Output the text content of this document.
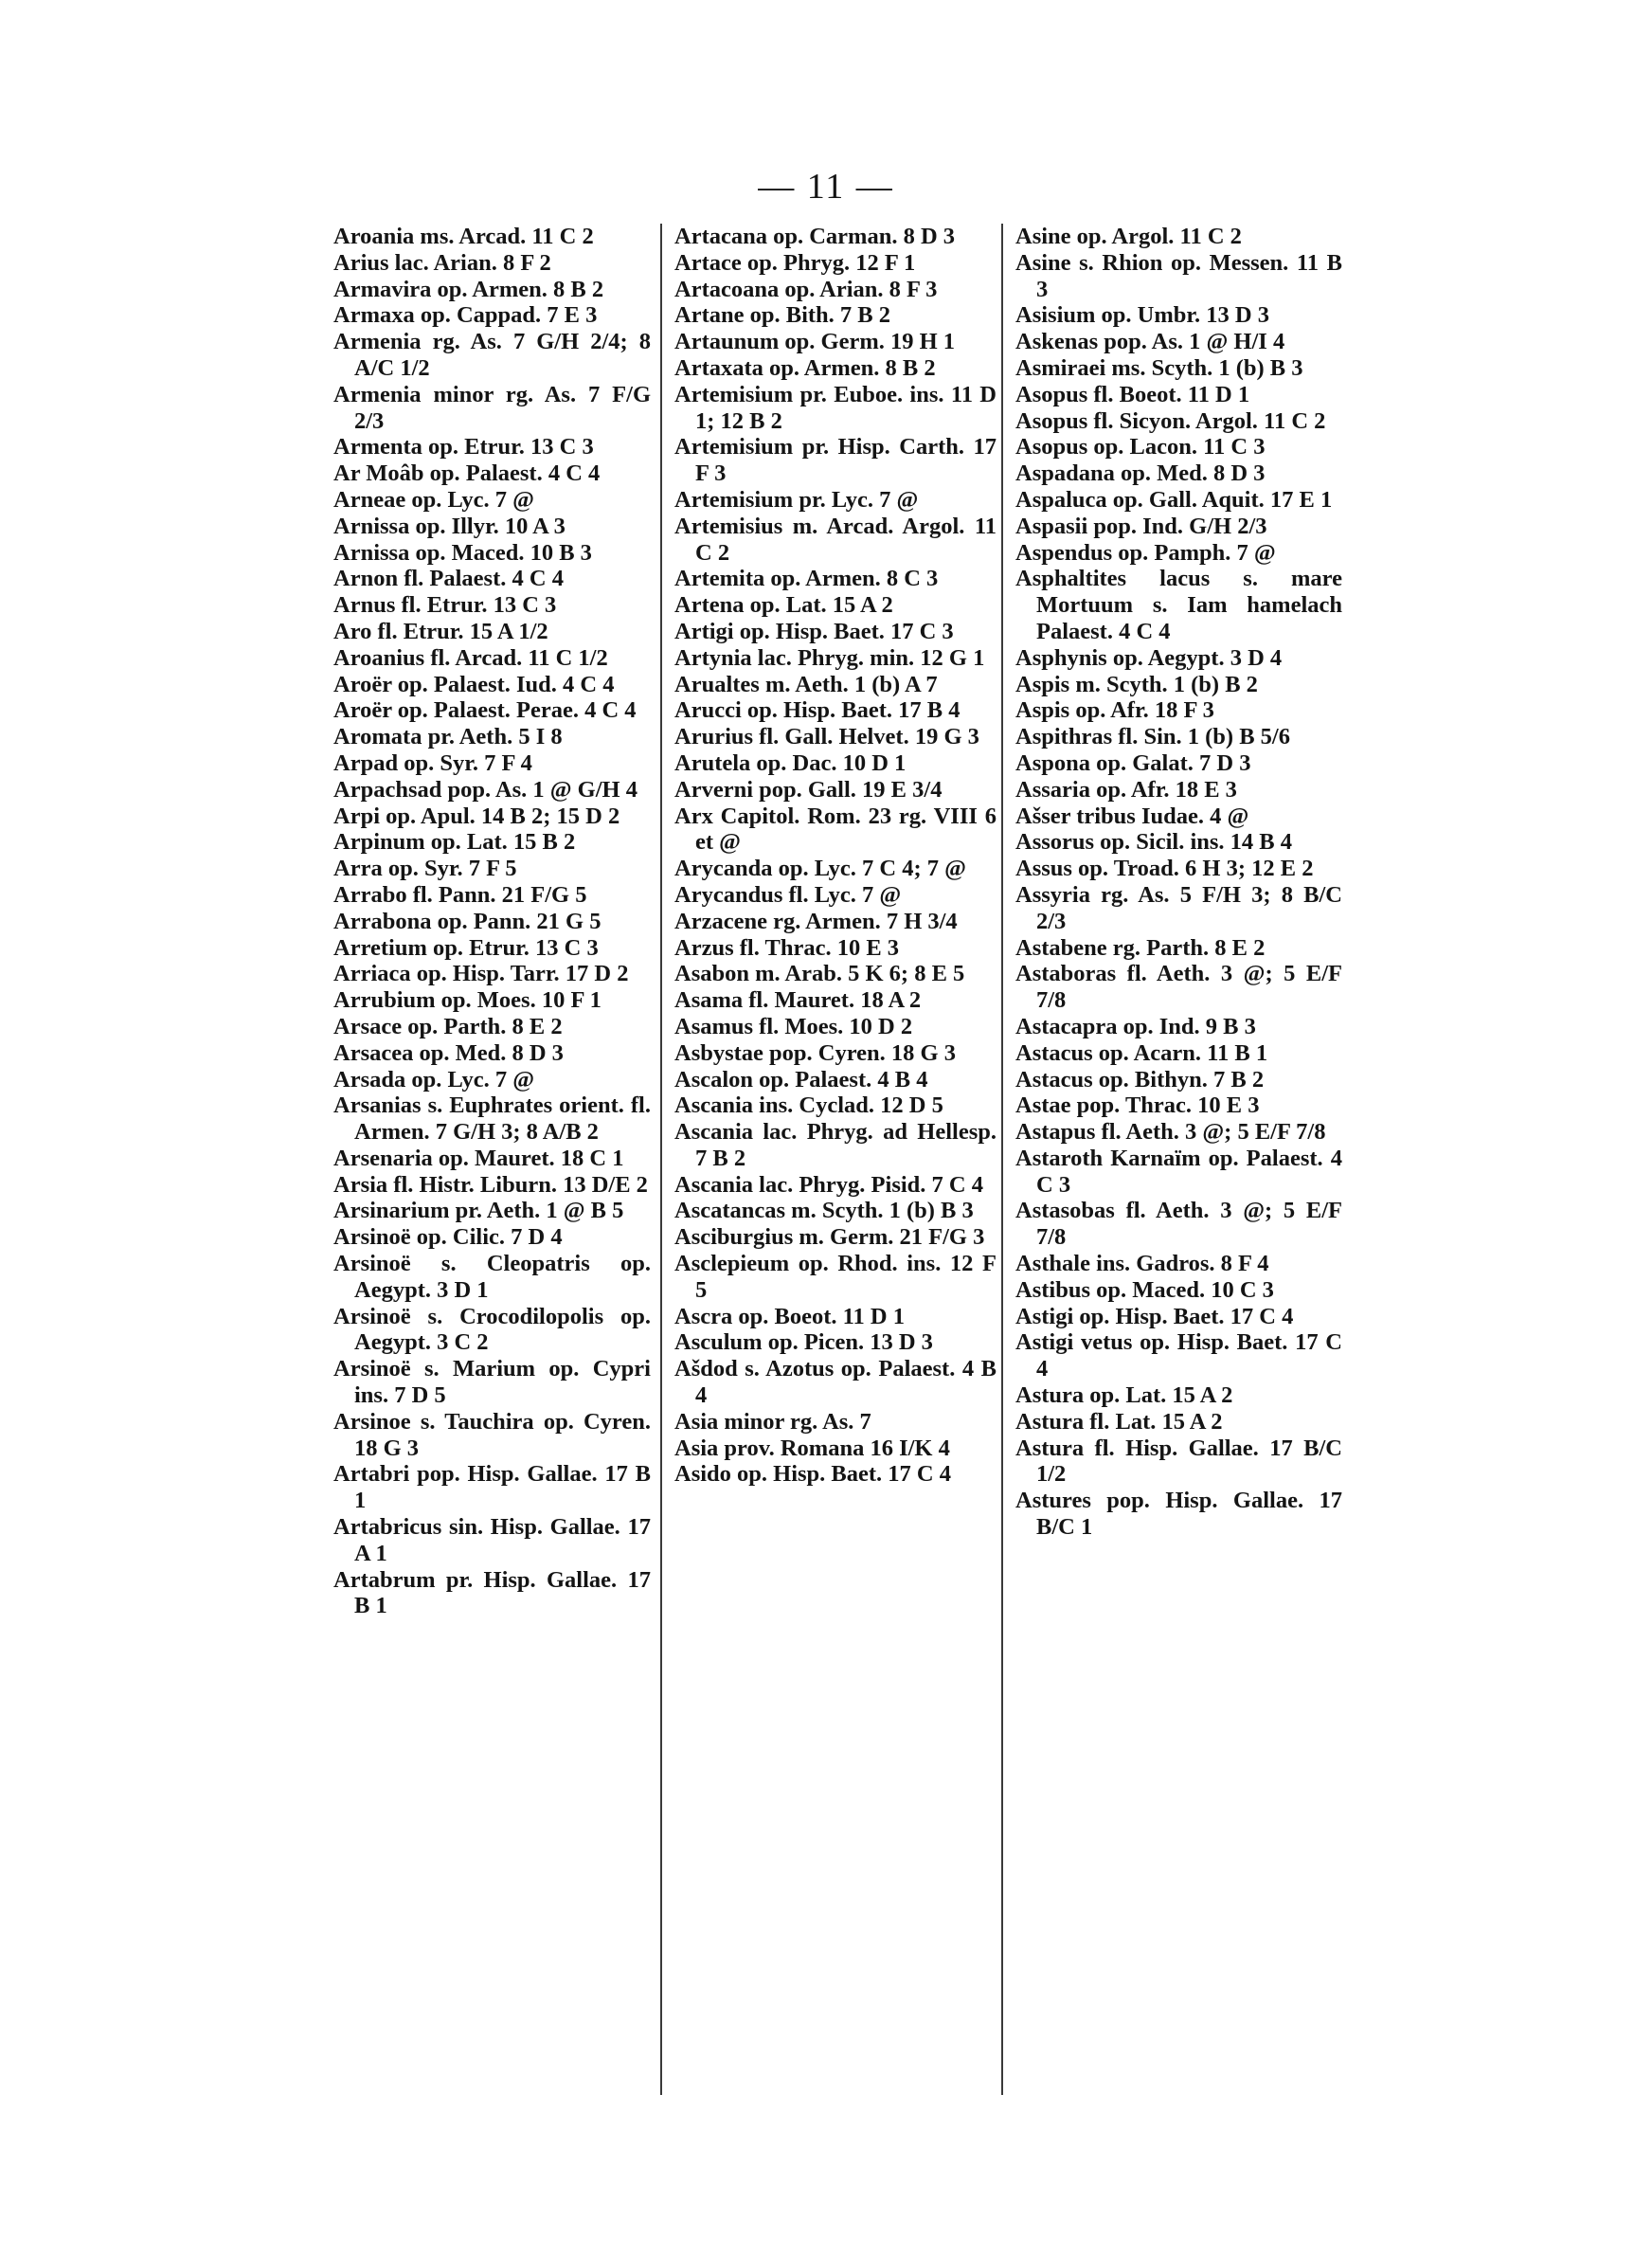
— 11 —
Aroania ms. Arcad. 11 C 2
Arius lac. Arian. 8 F 2
Armavira op. Armen. 8 B 2
Armaxa op. Cappad. 7 E 3
Armenia rg. As. 7 G/H 2/4; 8 A/C 1/2
Armenia minor rg. As. 7 F/G 2/3
Armenta op. Etrur. 13 C 3
Ar Moâb op. Palaest. 4 C 4
Arneae op. Lyc. 7 @
Arnissa op. Illyr. 10 A 3
Arnissa op. Maced. 10 B 3
Arnon fl. Palaest. 4 C 4
Arnus fl. Etrur. 13 C 3
Aro fl. Etrur. 15 A 1/2
Aroanius fl. Arcad. 11 C 1/2
Aroër op. Palaest. Iud. 4 C 4
Aroër op. Palaest. Peraе. 4 C 4
Aromata pr. Aeth. 5 I 8
Arpad op. Syr. 7 F 4
Arpachsad pop. As. 1 @ G/H 4
Arpi op. Apul. 14 B 2; 15 D 2
Arpinum op. Lat. 15 B 2
Arra op. Syr. 7 F 5
Arrabo fl. Pann. 21 F/G 5
Arrabona op. Pann. 21 G 5
Arretium op. Etrur. 13 C 3
Arriaca op. Hisp. Tarr. 17 D 2
Arrubium op. Moes. 10 F 1
Arsace op. Parth. 8 E 2
Arsacea op. Med. 8 D 3
Arsada op. Lyc. 7 @
Arsanias s. Euphrates orient. fl. Armen. 7 G/H 3; 8 A/B 2
Arsenaria op. Mauret. 18 C 1
Arsia fl. Histr. Liburn. 13 D/E 2
Arsinarium pr. Aeth. 1 @ B 5
Arsinoë op. Cilic. 7 D 4
Arsinoë s. Cleopatris op. Aegypt. 3 D 1
Arsinoë s. Crocodilopolis op. Aegypt. 3 C 2
Arsinoë s. Marium op. Cypri ins. 7 D 5
Arsinoe s. Tauchira op. Cyren. 18 G 3
Artabri pop. Hisp. Gallae. 17 B 1
Artabricus sin. Hisp. Gallae. 17 A 1
Artabrum pr. Hisp. Gallae. 17 B 1
Artacana op. Carman. 8 D 3
Artace op. Phryg. 12 F 1
Artacoana op. Arian. 8 F 3
Artane op. Bith. 7 B 2
Artaunum op. Germ. 19 H 1
Artaxata op. Armen. 8 B 2
Artemisium pr. Euboe. ins. 11 D 1; 12 B 2
Artemisium pr. Hisp. Carth. 17 F 3
Artemisium pr. Lyc. 7 @
Artemisius m. Arcad. Argol. 11 C 2
Artemita op. Armen. 8 C 3
Artena op. Lat. 15 A 2
Artigi op. Hisp. Baet. 17 C 3
Artynia lac. Phryg. min. 12 G 1
Arualtes m. Aeth. 1 (b) A 7
Arucci op. Hisp. Baet. 17 B 4
Arurius fl. Gall. Helvet. 19 G 3
Arutela op. Dac. 10 D 1
Arverni pop. Gall. 19 E 3/4
Arx Capitol. Rom. 23 rg. VIII 6 et @
Arycanda op. Lyc. 7 C 4; 7 @
Arycandus fl. Lyc. 7 @
Arzacene rg. Armen. 7 H 3/4
Arzus fl. Thrac. 10 E 3
Asabon m. Arab. 5 K 6; 8 E 5
Asama fl. Mauret. 18 A 2
Asamus fl. Moes. 10 D 2
Asbystae pop. Cyren. 18 G 3
Ascalon op. Palaest. 4 B 4
Ascania ins. Cyclad. 12 D 5
Ascania lac. Phryg. ad Hellesp. 7 B 2
Ascania lac. Phryg. Pisid. 7 C 4
Ascatancas m. Scyth. 1 (b) B 3
Asciburgius m. Germ. 21 F/G 3
Asclepieum op. Rhod. ins. 12 F 5
Ascra op. Boeot. 11 D 1
Asculum op. Picen. 13 D 3
Ašdod s. Azotus op. Palaest. 4 B 4
Asia minor rg. As. 7
Asia prov. Romana 16 I/K 4
Asido op. Hisp. Baet. 17 C 4
Asine op. Argol. 11 C 2
Asine s. Rhion op. Messen. 11 B 3
Asisium op. Umbr. 13 D 3
Askenas pop. As. 1 @ H/I 4
Asmiraei ms. Scyth. 1 (b) B 3
Asopus fl. Boeot. 11 D 1
Asopus fl. Sicyon. Argol. 11 C 2
Asopus op. Lacon. 11 C 3
Aspadana op. Med. 8 D 3
Aspaluca op. Gall. Aquit. 17 E 1
Aspasii pop. Ind. G/H 2/3
Aspendus op. Pamph. 7 @
Asphaltites lacus s. mare Mortuum s. Iam hamelach Palaest. 4 C 4
Asphynis op. Aegypt. 3 D 4
Aspis m. Scyth. 1 (b) B 2
Aspis op. Afr. 18 F 3
Aspithras fl. Sin. 1 (b) B 5/6
Aspona op. Galat. 7 D 3
Assaria op. Afr. 18 E 3
Ašser tribus Iudae. 4 @
Assorus op. Sicil. ins. 14 B 4
Assus op. Troad. 6 H 3; 12 E 2
Assyria rg. As. 5 F/H 3; 8 B/C 2/3
Astabene rg. Parth. 8 E 2
Astaboras fl. Aeth. 3 @; 5 E/F 7/8
Astacapra op. Ind. 9 B 3
Astacus op. Acarn. 11 B 1
Astacus op. Bithyn. 7 B 2
Astae pop. Thrac. 10 E 3
Astapus fl. Aeth. 3 @; 5 E/F 7/8
Astaroth Karnaïm op. Palaest. 4 C 3
Astasobas fl. Aeth. 3 @; 5 E/F 7/8
Asthale ins. Gadros. 8 F 4
Astibus op. Maced. 10 C 3
Astigi op. Hisp. Baet. 17 C 4
Astigi vetus op. Hisp. Baet. 17 C 4
Astura op. Lat. 15 A 2
Astura fl. Lat. 15 A 2
Astura fl. Hisp. Gallae. 17 B/C 1/2
Astures pop. Hisp. Gallae. 17 B/C 1
